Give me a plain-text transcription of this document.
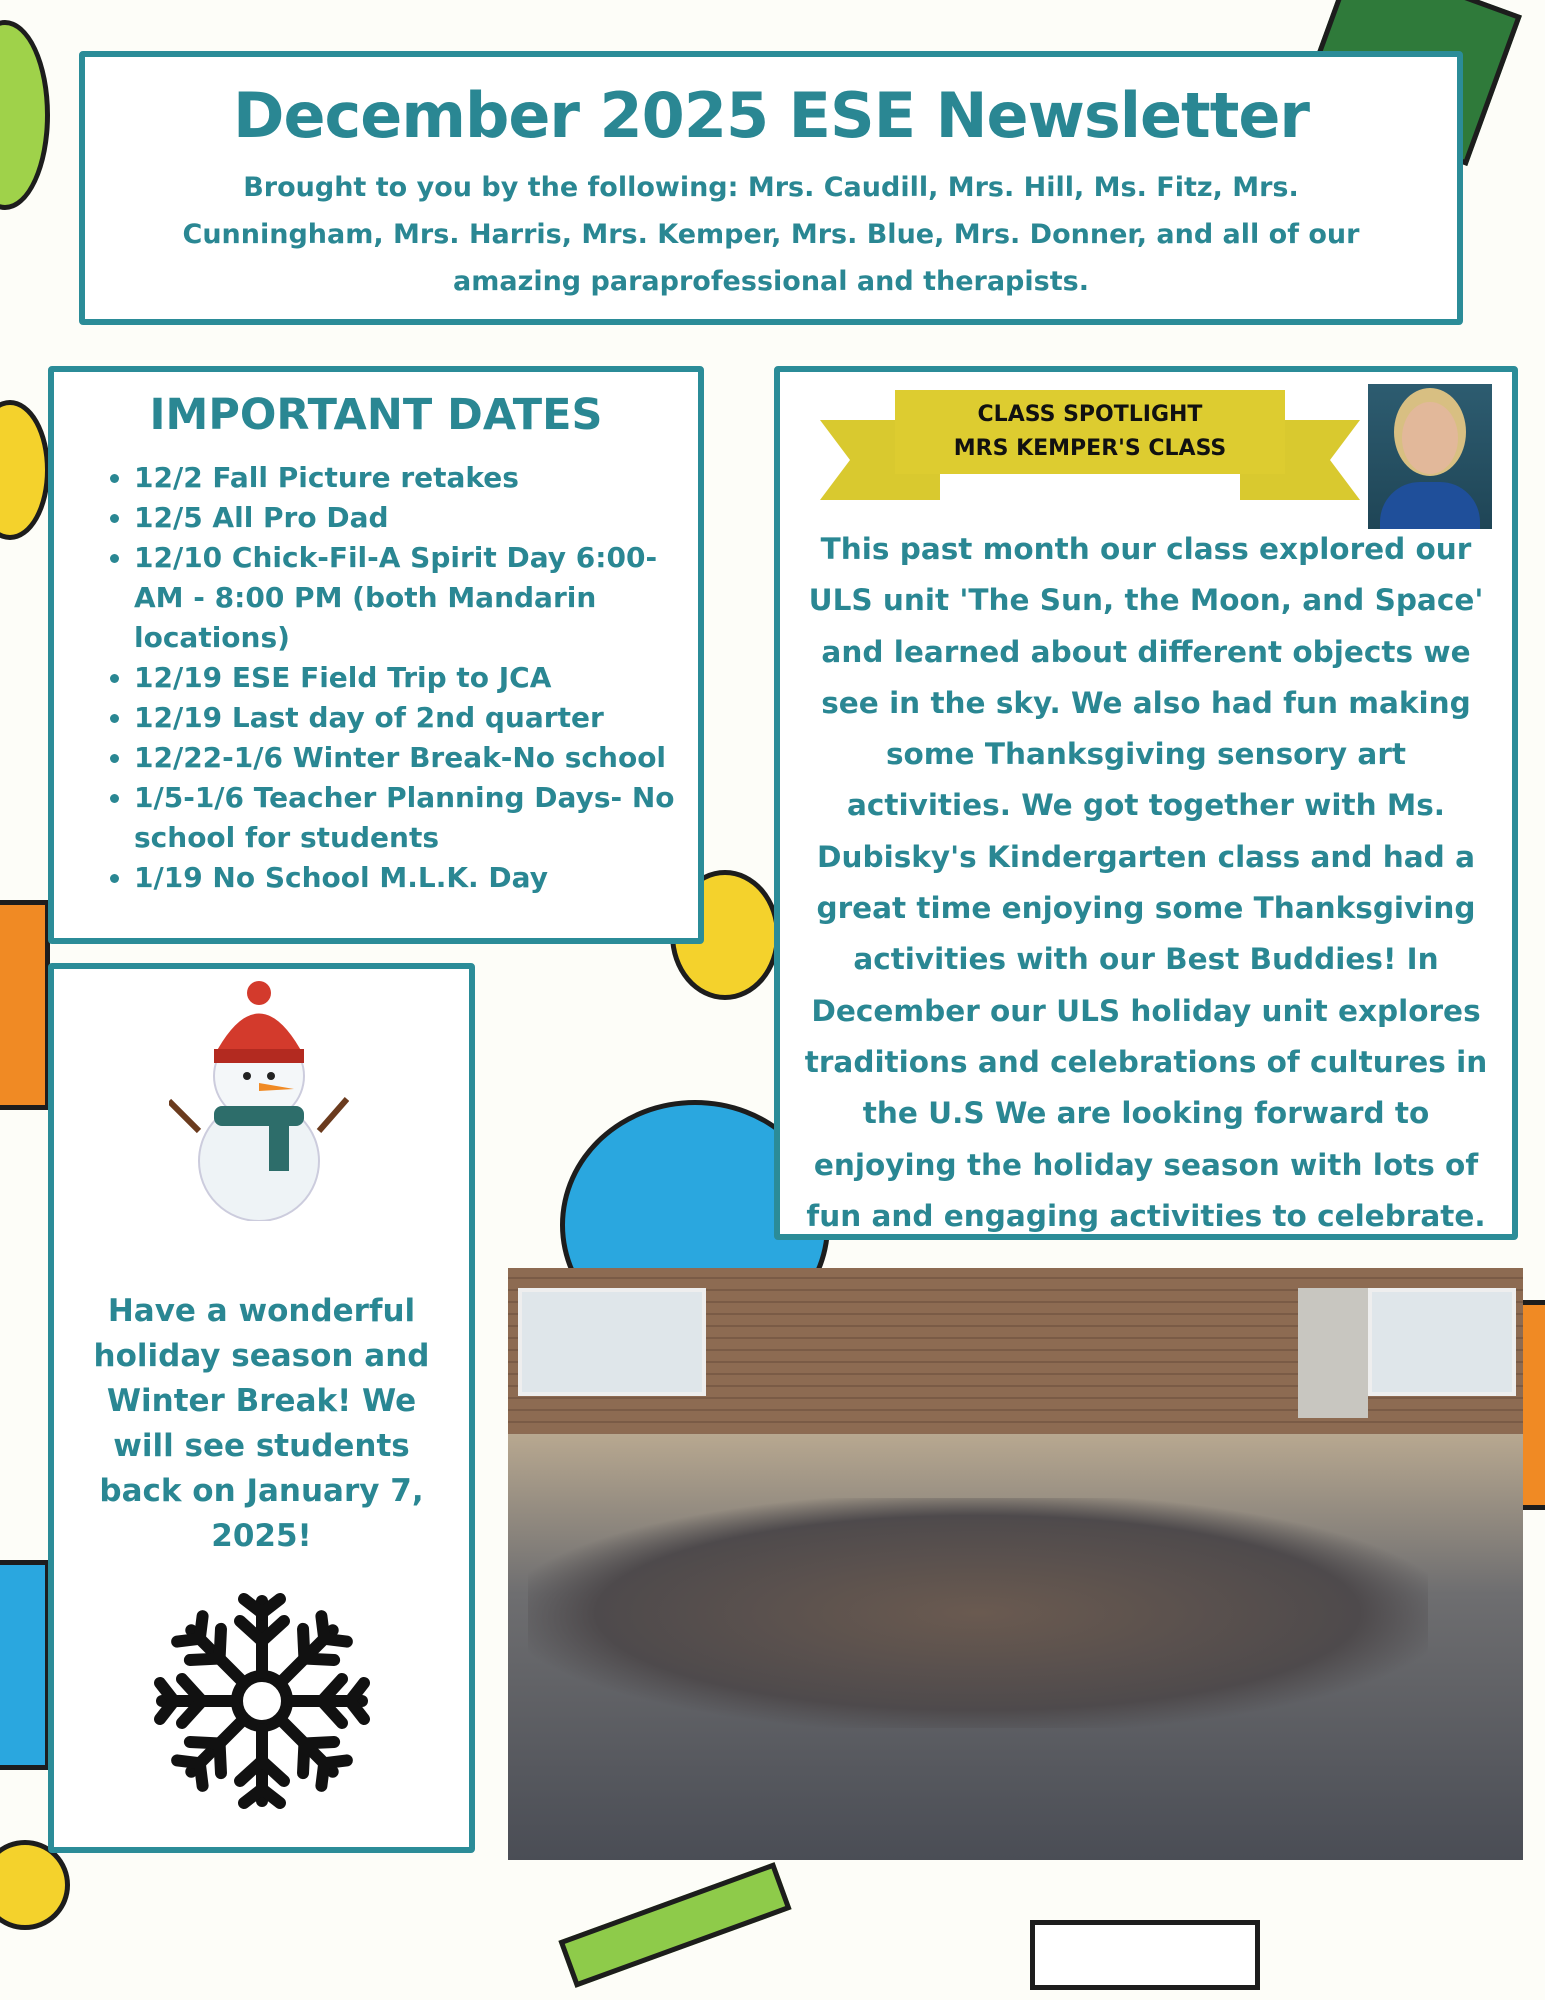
December 2025 ESE Newsletter

Brought to you by the following: Mrs. Caudill, Mrs. Hill, Ms. Fitz, Mrs. Cunningham, Mrs. Harris, Mrs. Kemper, Mrs. Blue, Mrs. Donner, and all of our amazing paraprofessional and therapists.

IMPORTANT DATES
• 12/2 Fall Picture retakes
• 12/5 All Pro Dad
• 12/10 Chick-Fil-A Spirit Day 6:00-AM - 8:00 PM (both Mandarin locations)
• 12/19 ESE Field Trip to JCA
• 12/19 Last day of 2nd quarter
• 12/22-1/6 Winter Break-No school
• 1/5-1/6 Teacher Planning Days- No school for students
• 1/19 No School M.L.K. Day
CLASS SPOTLIGHT
MRS KEMPER'S CLASS

This past month our class explored our ULS unit 'The Sun, the Moon, and Space' and learned about different objects we see in the sky. We also had fun making some Thanksgiving sensory art activities. We got together with Ms. Dubisky's Kindergarten class and had a great time enjoying some Thanksgiving activities with our Best Buddies! In December our ULS holiday unit explores traditions and celebrations of cultures in the U.S We are looking forward to enjoying the holiday season with lots of fun and engaging activities to celebrate.

Have a wonderful holiday season and Winter Break! We will see students back on January 7, 2025!
